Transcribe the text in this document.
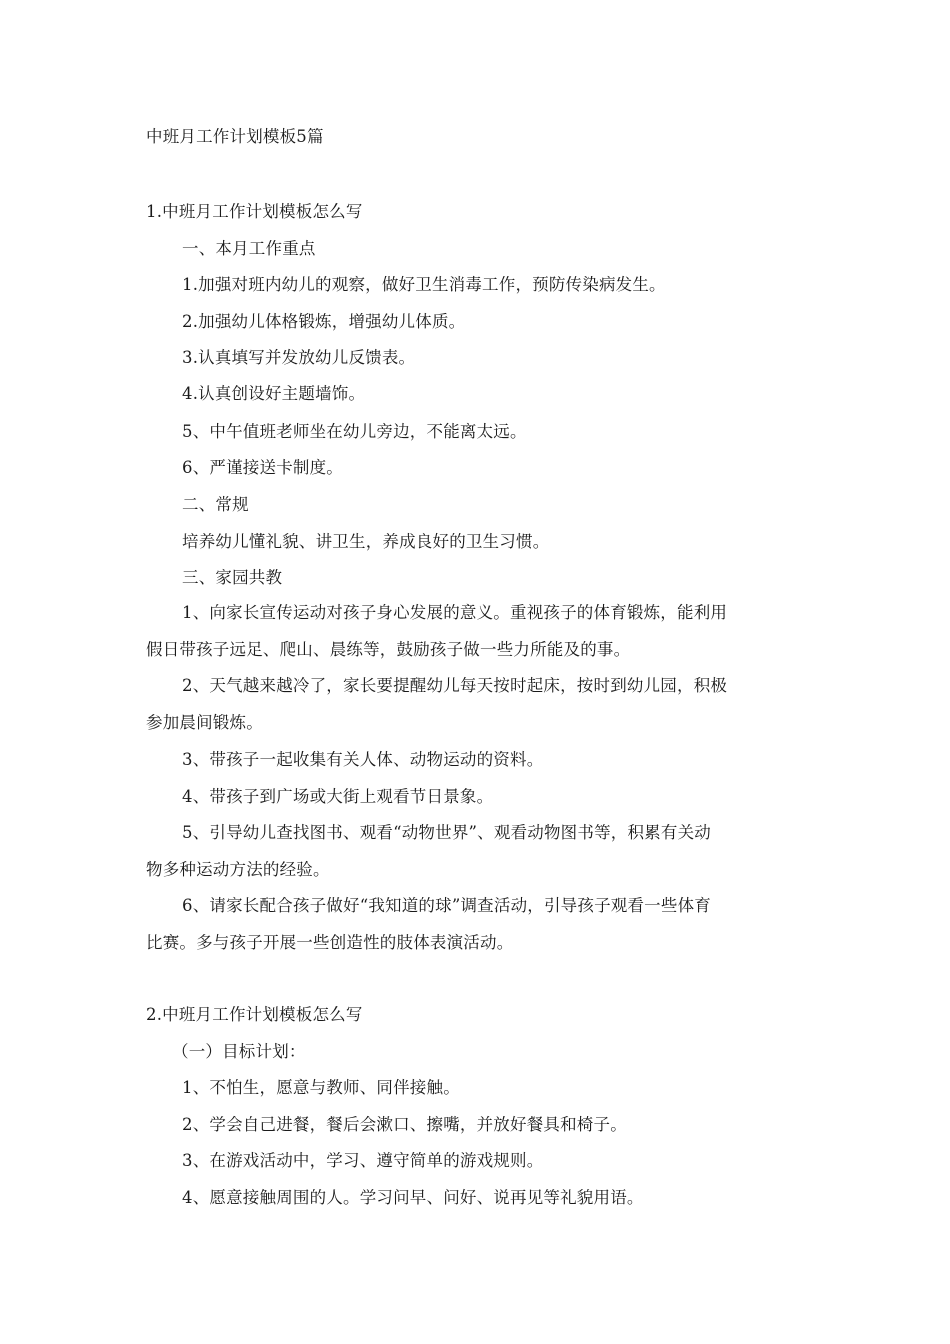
中班月工作计划模板5篇
1.中班月工作计划模板怎么写
一、本月工作重点
1.加强对班内幼儿的观察，做好卫生消毒工作，预防传染病发生。
2.加强幼儿体格锻炼，增强幼儿体质。
3.认真填写并发放幼儿反馈表。
4.认真创设好主题墙饰。
5、中午值班老师坐在幼儿旁边，不能离太远。
6、严谨接送卡制度。
二、常规
培养幼儿懂礼貌、讲卫生，养成良好的卫生习惯。
三、家园共教
1、向家长宣传运动对孩子身心发展的意义。重视孩子的体育锻炼，能利用
假日带孩子远足、爬山、晨练等，鼓励孩子做一些力所能及的事。
2、天气越来越冷了，家长要提醒幼儿每天按时起床，按时到幼儿园，积极
参加晨间锻炼。
3、带孩子一起收集有关人体、动物运动的资料。
4、带孩子到广场或大街上观看节日景象。
5、引导幼儿查找图书、观看“动物世界”、观看动物图书等，积累有关动
物多种运动方法的经验。
6、请家长配合孩子做好“我知道的球”调查活动，引导孩子观看一些体育
比赛。多与孩子开展一些创造性的肢体表演活动。
2.中班月工作计划模板怎么写
（一）目标计划：
1、不怕生，愿意与教师、同伴接触。
2、学会自己进餐，餐后会漱口、擦嘴，并放好餐具和椅子。
3、在游戏活动中，学习、遵守简单的游戏规则。
4、愿意接触周围的人。学习问早、问好、说再见等礼貌用语。
